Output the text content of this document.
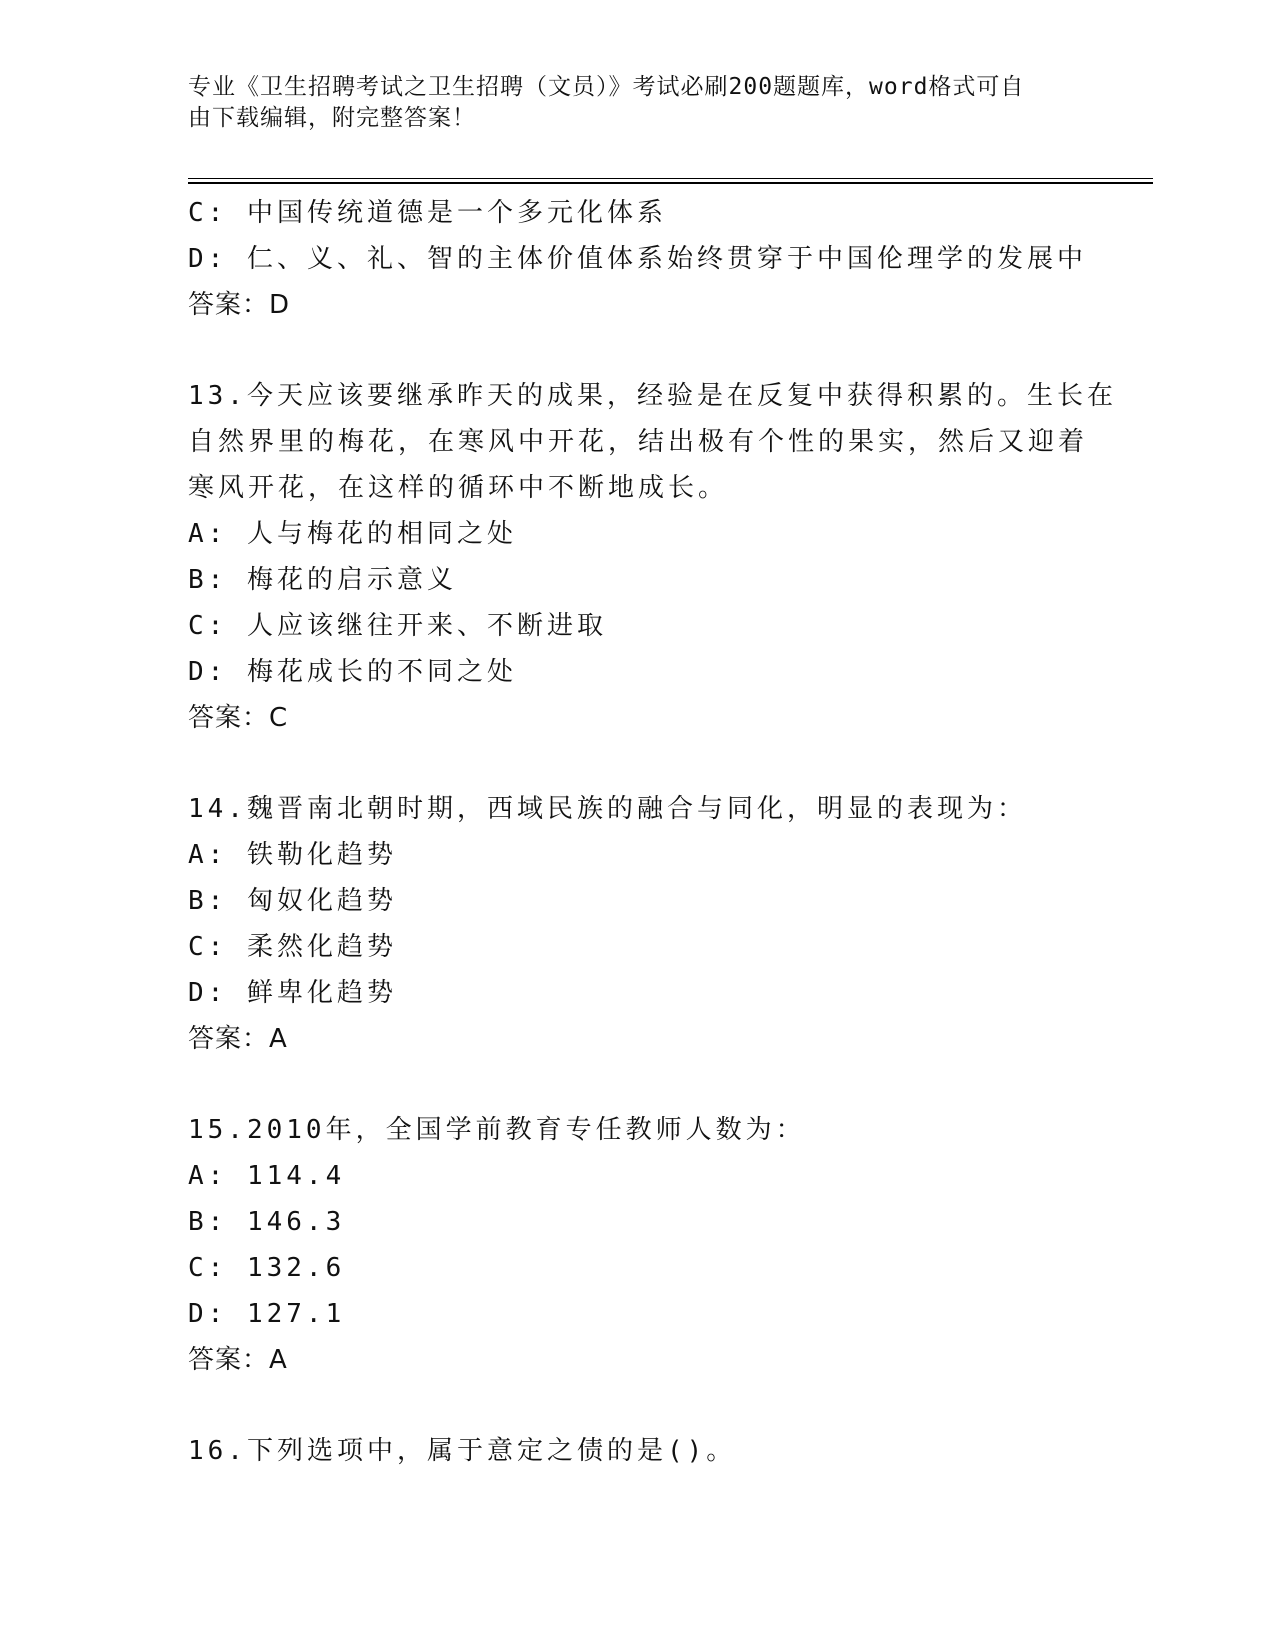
专业《卫生招聘考试之卫生招聘（文员）》考试必刷200题题库，word格式可自
由下载编辑，附完整答案！
C: 中国传统道德是一个多元化体系
D: 仁、义、礼、智的主体价值体系始终贯穿于中国伦理学的发展中
答案：D
13.今天应该要继承昨天的成果，经验是在反复中获得积累的。生长在
自然界里的梅花，在寒风中开花，结出极有个性的果实，然后又迎着
寒风开花，在这样的循环中不断地成长。
A: 人与梅花的相同之处
B: 梅花的启示意义
C: 人应该继往开来、不断进取
D: 梅花成长的不同之处
答案：C
14.魏晋南北朝时期，西域民族的融合与同化，明显的表现为：
A: 铁勒化趋势
B: 匈奴化趋势
C: 柔然化趋势
D: 鲜卑化趋势
答案：A
15.2010年，全国学前教育专任教师人数为：
A: 114.4
B: 146.3
C: 132.6
D: 127.1
答案：A
16.下列选项中，属于意定之债的是()。
